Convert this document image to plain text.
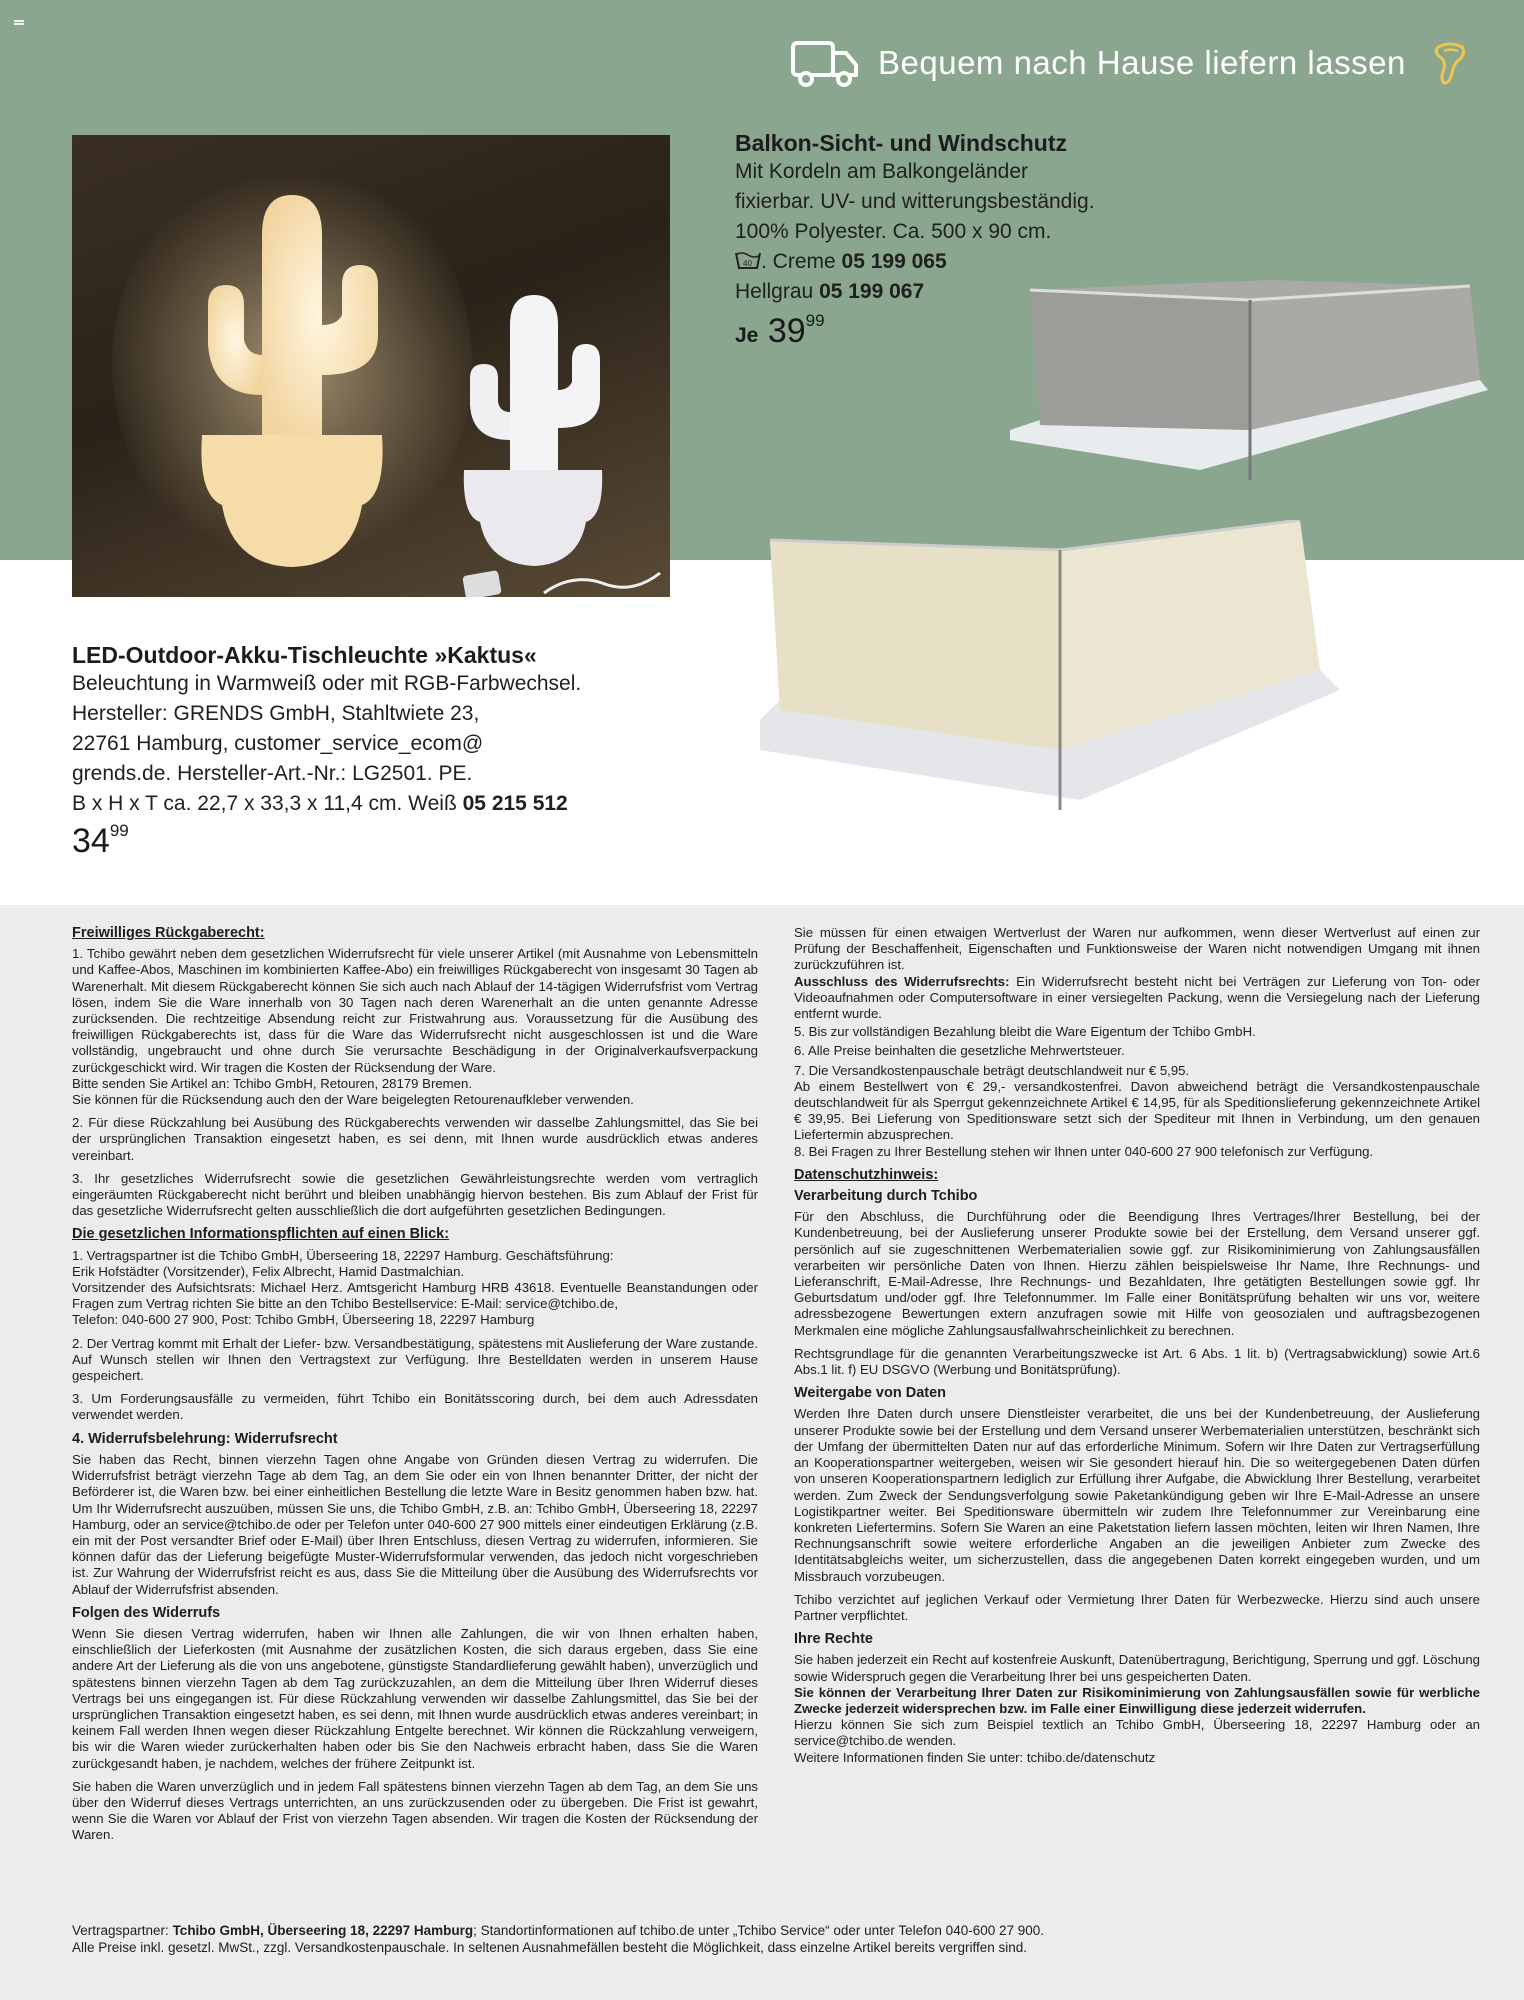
Bequem nach Hause liefern lassen
Balkon-Sicht- und Windschutz
Mit Kordeln am Balkongeländer
fixierbar. UV- und witterungsbeständig.
100% Polyester. Ca. 500 x 90 cm.
40 . Creme 05 199 065
Hellgrau 05 199 067
Je $39^{99}$
LED-Outdoor-Akku-Tischleuchte »Kaktus«
Beleuchtung in Warmweiß oder mit RGB-Farbwechsel.
Hersteller: GRENDS GmbH, Stahltwiete 23,
22761 Hamburg, customer_service_ecom@
grends.de. Hersteller-Art.-Nr.: LG2501. PE.
B x H x T ca. 22,7 x 33,3 x 11,4 cm. Weiß 05 215 512
$34^{99}$
Freiwilliges Rückgaberecht:

1. Tchibo gewährt neben dem gesetzlichen Widerrufsrecht für viele unserer Artikel (mit Ausnahme von Lebensmitteln und Kaffee-Abos, Maschinen im kombinierten Kaffee-Abo) ein freiwilliges Rückgaberecht von insgesamt 30 Tagen ab Warenerhalt. Mit diesem Rückgaberecht können Sie sich auch nach Ablauf der 14-tägigen Widerrufsfrist vom Vertrag lösen, indem Sie die Ware innerhalb von 30 Tagen nach deren Warenerhalt an die unten genannte Adresse zurücksenden. Die rechtzeitige Absendung reicht zur Fristwahrung aus. Voraussetzung für die Ausübung des freiwilligen Rückgaberechts ist, dass für die Ware das Widerrufsrecht nicht ausgeschlossen ist und die Ware vollständig, ungebraucht und ohne durch Sie verursachte Beschädigung in der Originalverkaufsverpackung zurückgeschickt wird. Wir tragen die Kosten der Rücksendung der Ware.

Bitte senden Sie Artikel an: Tchibo GmbH, Retouren, 28179 Bremen.

Sie können für die Rücksendung auch den der Ware beigelegten Retourenaufkleber verwenden.

2. Für diese Rückzahlung bei Ausübung des Rückgaberechts verwenden wir dasselbe Zahlungsmittel, das Sie bei der ursprünglichen Transaktion eingesetzt haben, es sei denn, mit Ihnen wurde ausdrücklich etwas anderes vereinbart.

3. Ihr gesetzliches Widerrufsrecht sowie die gesetzlichen Gewährleistungsrechte werden vom vertraglich eingeräumten Rückgaberecht nicht berührt und bleiben unabhängig hiervon bestehen. Bis zum Ablauf der Frist für das gesetzliche Widerrufsrecht gelten ausschließlich die dort aufgeführten gesetzlichen Bedingungen.

Die gesetzlichen Informationspflichten auf einen Blick:
1. Vertragspartner ist die Tchibo GmbH, Überseering 18, 22297 Hamburg. Geschäftsführung:
Erik Hofstädter (Vorsitzender), Felix Albrecht, Hamid Dastmalchian.
Vorsitzender des Aufsichtsrats: Michael Herz. Amtsgericht Hamburg HRB 43618. Eventuelle Beanstandungen oder Fragen zum Vertrag richten Sie bitte an den Tchibo Bestellservice: E-Mail: service@tchibo.de,

Telefon: 040-600 27 900, Post: Tchibo GmbH, Überseering 18, 22297 Hamburg

2. Der Vertrag kommt mit Erhalt der Liefer- bzw. Versandbestätigung, spätestens mit Auslieferung der Ware zustande. Auf Wunsch stellen wir Ihnen den Vertragstext zur Verfügung. Ihre Bestelldaten werden in unserem Hause gespeichert.

3. Um Forderungsausfälle zu vermeiden, führt Tchibo ein Bonitätsscoring durch, bei dem auch Adressdaten verwendet werden.

4. Widerrufsbelehrung: Widerrufsrecht

Sie haben das Recht, binnen vierzehn Tagen ohne Angabe von Gründen diesen Vertrag zu widerrufen. Die Widerrufsfrist beträgt vierzehn Tage ab dem Tag, an dem Sie oder ein von Ihnen benannter Dritter, der nicht der Beförderer ist, die Waren bzw. bei einer einheitlichen Bestellung die letzte Ware in Besitz genommen haben bzw. hat. Um Ihr Widerrufsrecht auszuüben, müssen Sie uns, die Tchibo GmbH, z.B. an: Tchibo GmbH, Überseering 18, 22297 Hamburg, oder an service@tchibo.de oder per Telefon unter 040-600 27 900 mittels einer eindeutigen Erklärung (z.B. ein mit der Post versandter Brief oder E-Mail) über Ihren Entschluss, diesen Vertrag zu widerrufen, informieren. Sie können dafür das der Lieferung beigefügte Muster-Widerrufsformular verwenden, das jedoch nicht vorgeschrieben ist. Zur Wahrung der Widerrufsfrist reicht es aus, dass Sie die Mitteilung über die Ausübung des Widerrufsrechts vor Ablauf der Widerrufsfrist absenden.

Folgen des Widerrufs

Wenn Sie diesen Vertrag widerrufen, haben wir Ihnen alle Zahlungen, die wir von Ihnen erhalten haben, einschließlich der Lieferkosten (mit Ausnahme der zusätzlichen Kosten, die sich daraus ergeben, dass Sie eine andere Art der Lieferung als die von uns angebotene, günstigste Standardlieferung gewählt haben), unverzüglich und spätestens binnen vierzehn Tagen ab dem Tag zurückzuzahlen, an dem die Mitteilung über Ihren Widerruf dieses Vertrags bei uns eingegangen ist. Für diese Rückzahlung verwenden wir dasselbe Zahlungsmittel, das Sie bei der ursprünglichen Transaktion eingesetzt haben, es sei denn, mit Ihnen wurde ausdrücklich etwas anderes vereinbart; in keinem Fall werden Ihnen wegen dieser Rückzahlung Entgelte berechnet. Wir können die Rückzahlung verweigern, bis wir die Waren wieder zurückerhalten haben oder bis Sie den Nachweis erbracht haben, dass Sie die Waren zurückgesandt haben, je nachdem, welches der frühere Zeitpunkt ist.

Sie haben die Waren unverzüglich und in jedem Fall spätestens binnen vierzehn Tagen ab dem Tag, an dem Sie uns über den Widerruf dieses Vertrags unterrichten, an uns zurückzusenden oder zu übergeben. Die Frist ist gewahrt, wenn Sie die Waren vor Ablauf der Frist von vierzehn Tagen absenden. Wir tragen die Kosten der Rücksendung der Waren.

Sie müssen für einen etwaigen Wertverlust der Waren nur aufkommen, wenn dieser Wertverlust auf einen zur Prüfung der Beschaffenheit, Eigenschaften und Funktionsweise der Waren nicht notwendigen Umgang mit ihnen zurückzuführen ist.

Ausschluss des Widerrufsrechts: Ein Widerrufsrecht besteht nicht bei Verträgen zur Lieferung von Ton- oder Videoaufnahmen oder Computersoftware in einer versiegelten Packung, wenn die Versiegelung nach der Lieferung entfernt wurde.

5. Bis zur vollständigen Bezahlung bleibt die Ware Eigentum der Tchibo GmbH.
6. Alle Preise beinhalten die gesetzliche Mehrwertsteuer.
7. Die Versandkostenpauschale beträgt deutschlandweit nur € 5,95.
Ab einem Bestellwert von € 29,- versandkostenfrei. Davon abweichend beträgt die Versandkostenpauschale deutschlandweit für als Sperrgut gekennzeichnete Artikel € 14,95, für als Speditionslieferung gekennzeichnete Artikel € 39,95. Bei Lieferung von Speditionsware setzt sich der Spediteur mit Ihnen in Verbindung, um den genauen Liefertermin abzusprechen.

8. Bei Fragen zu Ihrer Bestellung stehen wir Ihnen unter 040-600 27 900 telefonisch zur Verfügung.

Datenschutzhinweis:
Verarbeitung durch Tchibo

Für den Abschluss, die Durchführung oder die Beendigung Ihres Vertrages/Ihrer Bestellung, bei der Kundenbetreuung, bei der Auslieferung unserer Produkte sowie bei der Erstellung, dem Versand unserer ggf. persönlich auf sie zugeschnittenen Werbematerialien sowie ggf. zur Risikominimierung von Zahlungsausfällen verarbeiten wir persönliche Daten von Ihnen. Hierzu zählen beispielsweise Ihr Name, Ihre Rechnungs- und Lieferanschrift, E-Mail-Adresse, Ihre Rechnungs- und Bezahldaten, Ihre getätigten Bestellungen sowie ggf. Ihr Geburtsdatum und/oder ggf. Ihre Telefonnummer. Im Falle einer Bonitätsprüfung behalten wir uns vor, weitere adressbezogene Bewertungen extern anzufragen sowie mit Hilfe von geosozialen und auftragsbezogenen Merkmalen eine mögliche Zahlungsausfallwahrscheinlichkeit zu berechnen.

Rechtsgrundlage für die genannten Verarbeitungszwecke ist Art. 6 Abs. 1 lit. b) (Vertragsabwicklung) sowie Art.6 Abs.1 lit. f) EU DSGVO (Werbung und Bonitätsprüfung).

Weitergabe von Daten

Werden Ihre Daten durch unsere Dienstleister verarbeitet, die uns bei der Kundenbetreuung, der Auslieferung unserer Produkte sowie bei der Erstellung und dem Versand unserer Werbematerialien unterstützen, beschränkt sich der Umfang der übermittelten Daten nur auf das erforderliche Minimum. Sofern wir Ihre Daten zur Vertragserfüllung an Kooperationspartner weitergeben, weisen wir Sie gesondert hierauf hin. Die so weitergegebenen Daten dürfen von unseren Kooperationspartnern lediglich zur Erfüllung ihrer Aufgabe, die Abwicklung Ihrer Bestellung, verarbeitet werden. Zum Zweck der Sendungsverfolgung sowie Paketankündigung geben wir Ihre E-Mail-Adresse an unsere Logistikpartner weiter. Bei Speditionsware übermitteln wir zudem Ihre Telefonnummer zur Vereinbarung eine konkreten Liefertermins. Sofern Sie Waren an eine Paketstation liefern lassen möchten, leiten wir Ihren Namen, Ihre Rechnungsanschrift sowie weitere erforderliche Angaben an die jeweiligen Anbieter zum Zwecke des Identitätsabgleichs weiter, um sicherzustellen, dass die angegebenen Daten korrekt eingegeben wurden, und um Missbrauch vorzubeugen.

Tchibo verzichtet auf jeglichen Verkauf oder Vermietung Ihrer Daten für Werbezwecke. Hierzu sind auch unsere Partner verpflichtet.

Ihre Rechte
Sie haben jederzeit ein Recht auf kostenfreie Auskunft, Datenübertragung, Berichtigung, Sperrung und ggf. Löschung sowie Widerspruch gegen die Verarbeitung Ihrer bei uns gespeicherten Daten.
Sie können der Verarbeitung Ihrer Daten zur Risikominimierung von Zahlungsausfällen sowie für werbliche Zwecke jederzeit widersprechen bzw. im Falle einer Einwilligung diese jederzeit widerrufen.
Hierzu können Sie sich zum Beispiel textlich an Tchibo GmbH, Überseering 18, 22297 Hamburg oder an service@tchibo.de wenden.
Weitere Informationen finden Sie unter: tchibo.de/datenschutz
Vertragspartner: Tchibo GmbH, Überseering 18, 22297 Hamburg; Standortinformationen auf tchibo.de unter „Tchibo Service“ oder unter Telefon 040-600 27 900.
Alle Preise inkl. gesetzl. MwSt., zzgl. Versandkostenpauschale. In seltenen Ausnahmefällen besteht die Möglichkeit, dass einzelne Artikel bereits vergriffen sind.
